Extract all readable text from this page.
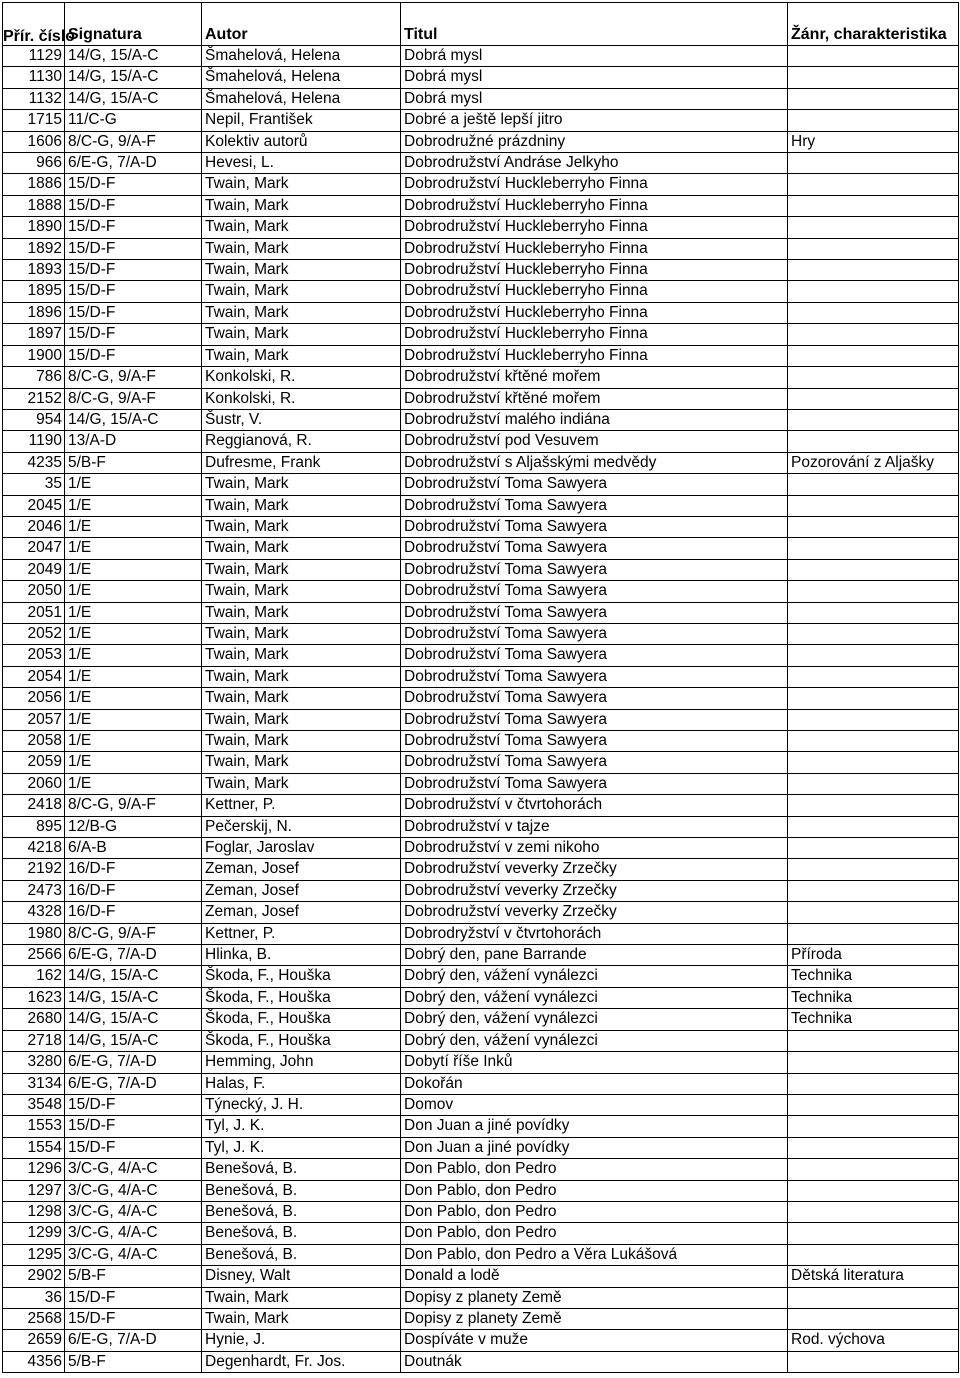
Přír. číslo	Signatura	Autor	Titul	Žánr, charakteristika
1129	14/G, 15/A-C	Šmahelová, Helena	Dobrá mysl	
1130	14/G, 15/A-C	Šmahelová, Helena	Dobrá mysl	
1132	14/G, 15/A-C	Šmahelová, Helena	Dobrá mysl	
1715	11/C-G	Nepil, František	Dobré a ještě lepší jitro	
1606	8/C-G, 9/A-F	Kolektiv autorů	Dobrodružné prázdniny	Hry
966	6/E-G, 7/A-D	Hevesi, L.	Dobrodružství Andráse Jelkyho	
1886	15/D-F	Twain, Mark	Dobrodružství Huckleberryho Finna	
1888	15/D-F	Twain, Mark	Dobrodružství Huckleberryho Finna	
1890	15/D-F	Twain, Mark	Dobrodružství Huckleberryho Finna	
1892	15/D-F	Twain, Mark	Dobrodružství Huckleberryho Finna	
1893	15/D-F	Twain, Mark	Dobrodružství Huckleberryho Finna	
1895	15/D-F	Twain, Mark	Dobrodružství Huckleberryho Finna	
1896	15/D-F	Twain, Mark	Dobrodružství Huckleberryho Finna	
1897	15/D-F	Twain, Mark	Dobrodružství Huckleberryho Finna	
1900	15/D-F	Twain, Mark	Dobrodružství Huckleberryho Finna	
786	8/C-G, 9/A-F	Konkolski, R.	Dobrodružství křtěné mořem	
2152	8/C-G, 9/A-F	Konkolski, R.	Dobrodružství křtěné mořem	
954	14/G, 15/A-C	Šustr, V.	Dobrodružství malého indiána	
1190	13/A-D	Reggianová, R.	Dobrodružství pod Vesuvem	
4235	5/B-F	Dufresme, Frank	Dobrodružství s Aljašskými medvědy	Pozorování z Aljašky
35	1/E	Twain, Mark	Dobrodružství Toma Sawyera	
2045	1/E	Twain, Mark	Dobrodružství Toma Sawyera	
2046	1/E	Twain, Mark	Dobrodružství Toma Sawyera	
2047	1/E	Twain, Mark	Dobrodružství Toma Sawyera	
2049	1/E	Twain, Mark	Dobrodružství Toma Sawyera	
2050	1/E	Twain, Mark	Dobrodružství Toma Sawyera	
2051	1/E	Twain, Mark	Dobrodružství Toma Sawyera	
2052	1/E	Twain, Mark	Dobrodružství Toma Sawyera	
2053	1/E	Twain, Mark	Dobrodružství Toma Sawyera	
2054	1/E	Twain, Mark	Dobrodružství Toma Sawyera	
2056	1/E	Twain, Mark	Dobrodružství Toma Sawyera	
2057	1/E	Twain, Mark	Dobrodružství Toma Sawyera	
2058	1/E	Twain, Mark	Dobrodružství Toma Sawyera	
2059	1/E	Twain, Mark	Dobrodružství Toma Sawyera	
2060	1/E	Twain, Mark	Dobrodružství Toma Sawyera	
2418	8/C-G, 9/A-F	Kettner, P.	Dobrodružství v čtvrtohorách	
895	12/B-G	Pečerskij, N.	Dobrodružství v tajze	
4218	6/A-B	Foglar, Jaroslav	Dobrodružství v zemi nikoho	
2192	16/D-F	Zeman, Josef	Dobrodružství veverky Zrzečky	
2473	16/D-F	Zeman, Josef	Dobrodružství veverky Zrzečky	
4328	16/D-F	Zeman, Josef	Dobrodružství veverky Zrzečky	
1980	8/C-G, 9/A-F	Kettner, P.	Dobrodryžství v čtvrtohorách	
2566	6/E-G, 7/A-D	Hlinka, B.	Dobrý den, pane Barrande	Příroda
162	14/G, 15/A-C	Škoda, F., Houška	Dobrý den, vážení vynálezci	Technika
1623	14/G, 15/A-C	Škoda, F., Houška	Dobrý den, vážení vynálezci	Technika
2680	14/G, 15/A-C	Škoda, F., Houška	Dobrý den, vážení vynálezci	Technika
2718	14/G, 15/A-C	Škoda, F., Houška	Dobrý den, vážení vynálezci	
3280	6/E-G, 7/A-D	Hemming, John	Dobytí říše Inků	
3134	6/E-G, 7/A-D	Halas, F.	Dokořán	
3548	15/D-F	Týnecký, J. H.	Domov	
1553	15/D-F	Tyl, J. K.	Don Juan a jiné povídky	
1554	15/D-F	Tyl, J. K.	Don Juan a jiné povídky	
1296	3/C-G, 4/A-C	Benešová, B.	Don Pablo, don Pedro	
1297	3/C-G, 4/A-C	Benešová, B.	Don Pablo, don Pedro	
1298	3/C-G, 4/A-C	Benešová, B.	Don Pablo, don Pedro	
1299	3/C-G, 4/A-C	Benešová, B.	Don Pablo, don Pedro	
1295	3/C-G, 4/A-C	Benešová, B.	Don Pablo, don Pedro a Věra Lukášová	
2902	5/B-F	Disney, Walt	Donald a lodě	Dětská literatura
36	15/D-F	Twain, Mark	Dopisy z planety Země	
2568	15/D-F	Twain, Mark	Dopisy z planety Země	
2659	6/E-G, 7/A-D	Hynie, J.	Dospíváte v muže	Rod. výchova
4356	5/B-F	Degenhardt, Fr. Jos.	Doutnák	
